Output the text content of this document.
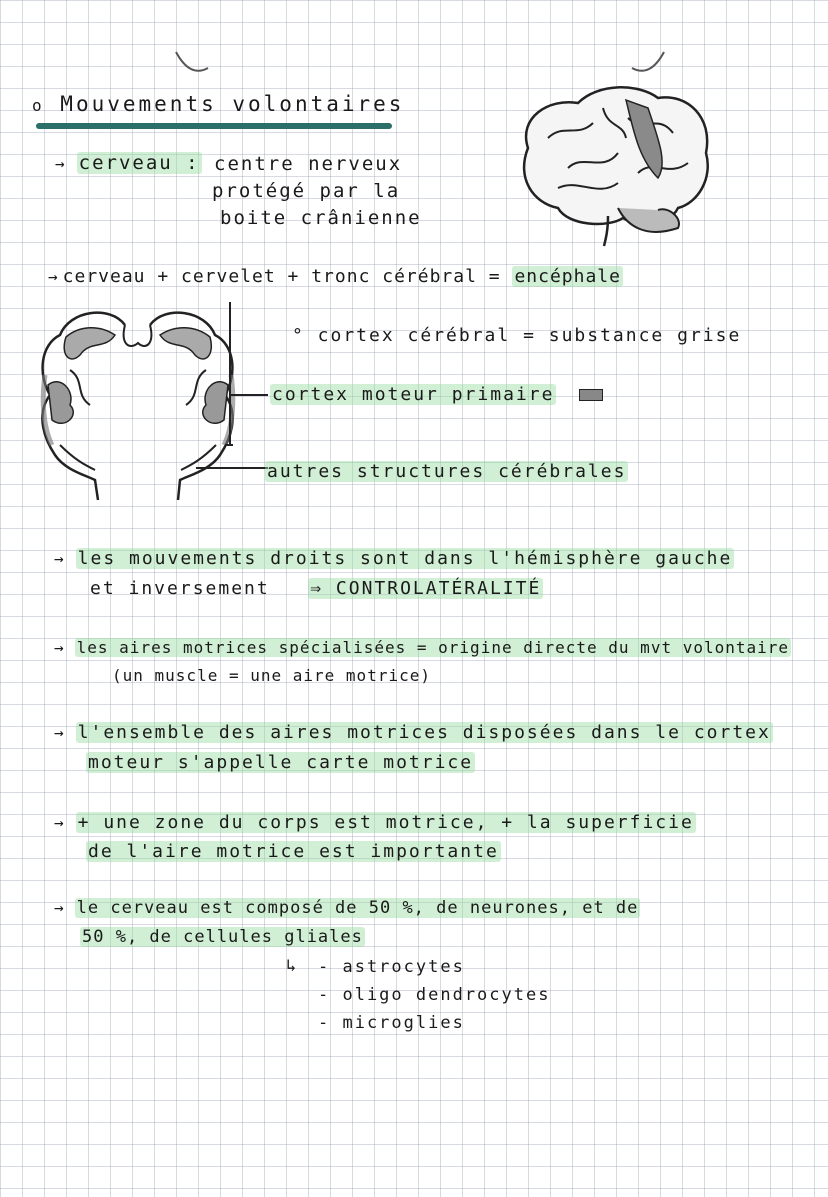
o Mouvements volontaires
→ cerveau : centre nerveux
protégé par la
boite crânienne
→ cerveau + cervelet + tronc cérébral = encéphale
° cortex cérébral = substance grise
cortex moteur primaire
autres structures cérébrales
→ les mouvements droits sont dans l'hémisphère gauche
et inversement ⇒ CONTROLATÉRALITÉ
→ les aires motrices spécialisées = origine directe du mvt volontaire
(un muscle = une aire motrice)
→ l'ensemble des aires motrices disposées dans le cortex
moteur s'appelle carte motrice
→ + une zone du corps est motrice, + la superficie
de l'aire motrice est importante
→ le cerveau est composé de 50 %, de neurones, et de
50 %, de cellules gliales
↳ - astrocytes
- oligo dendrocytes
- microglies
